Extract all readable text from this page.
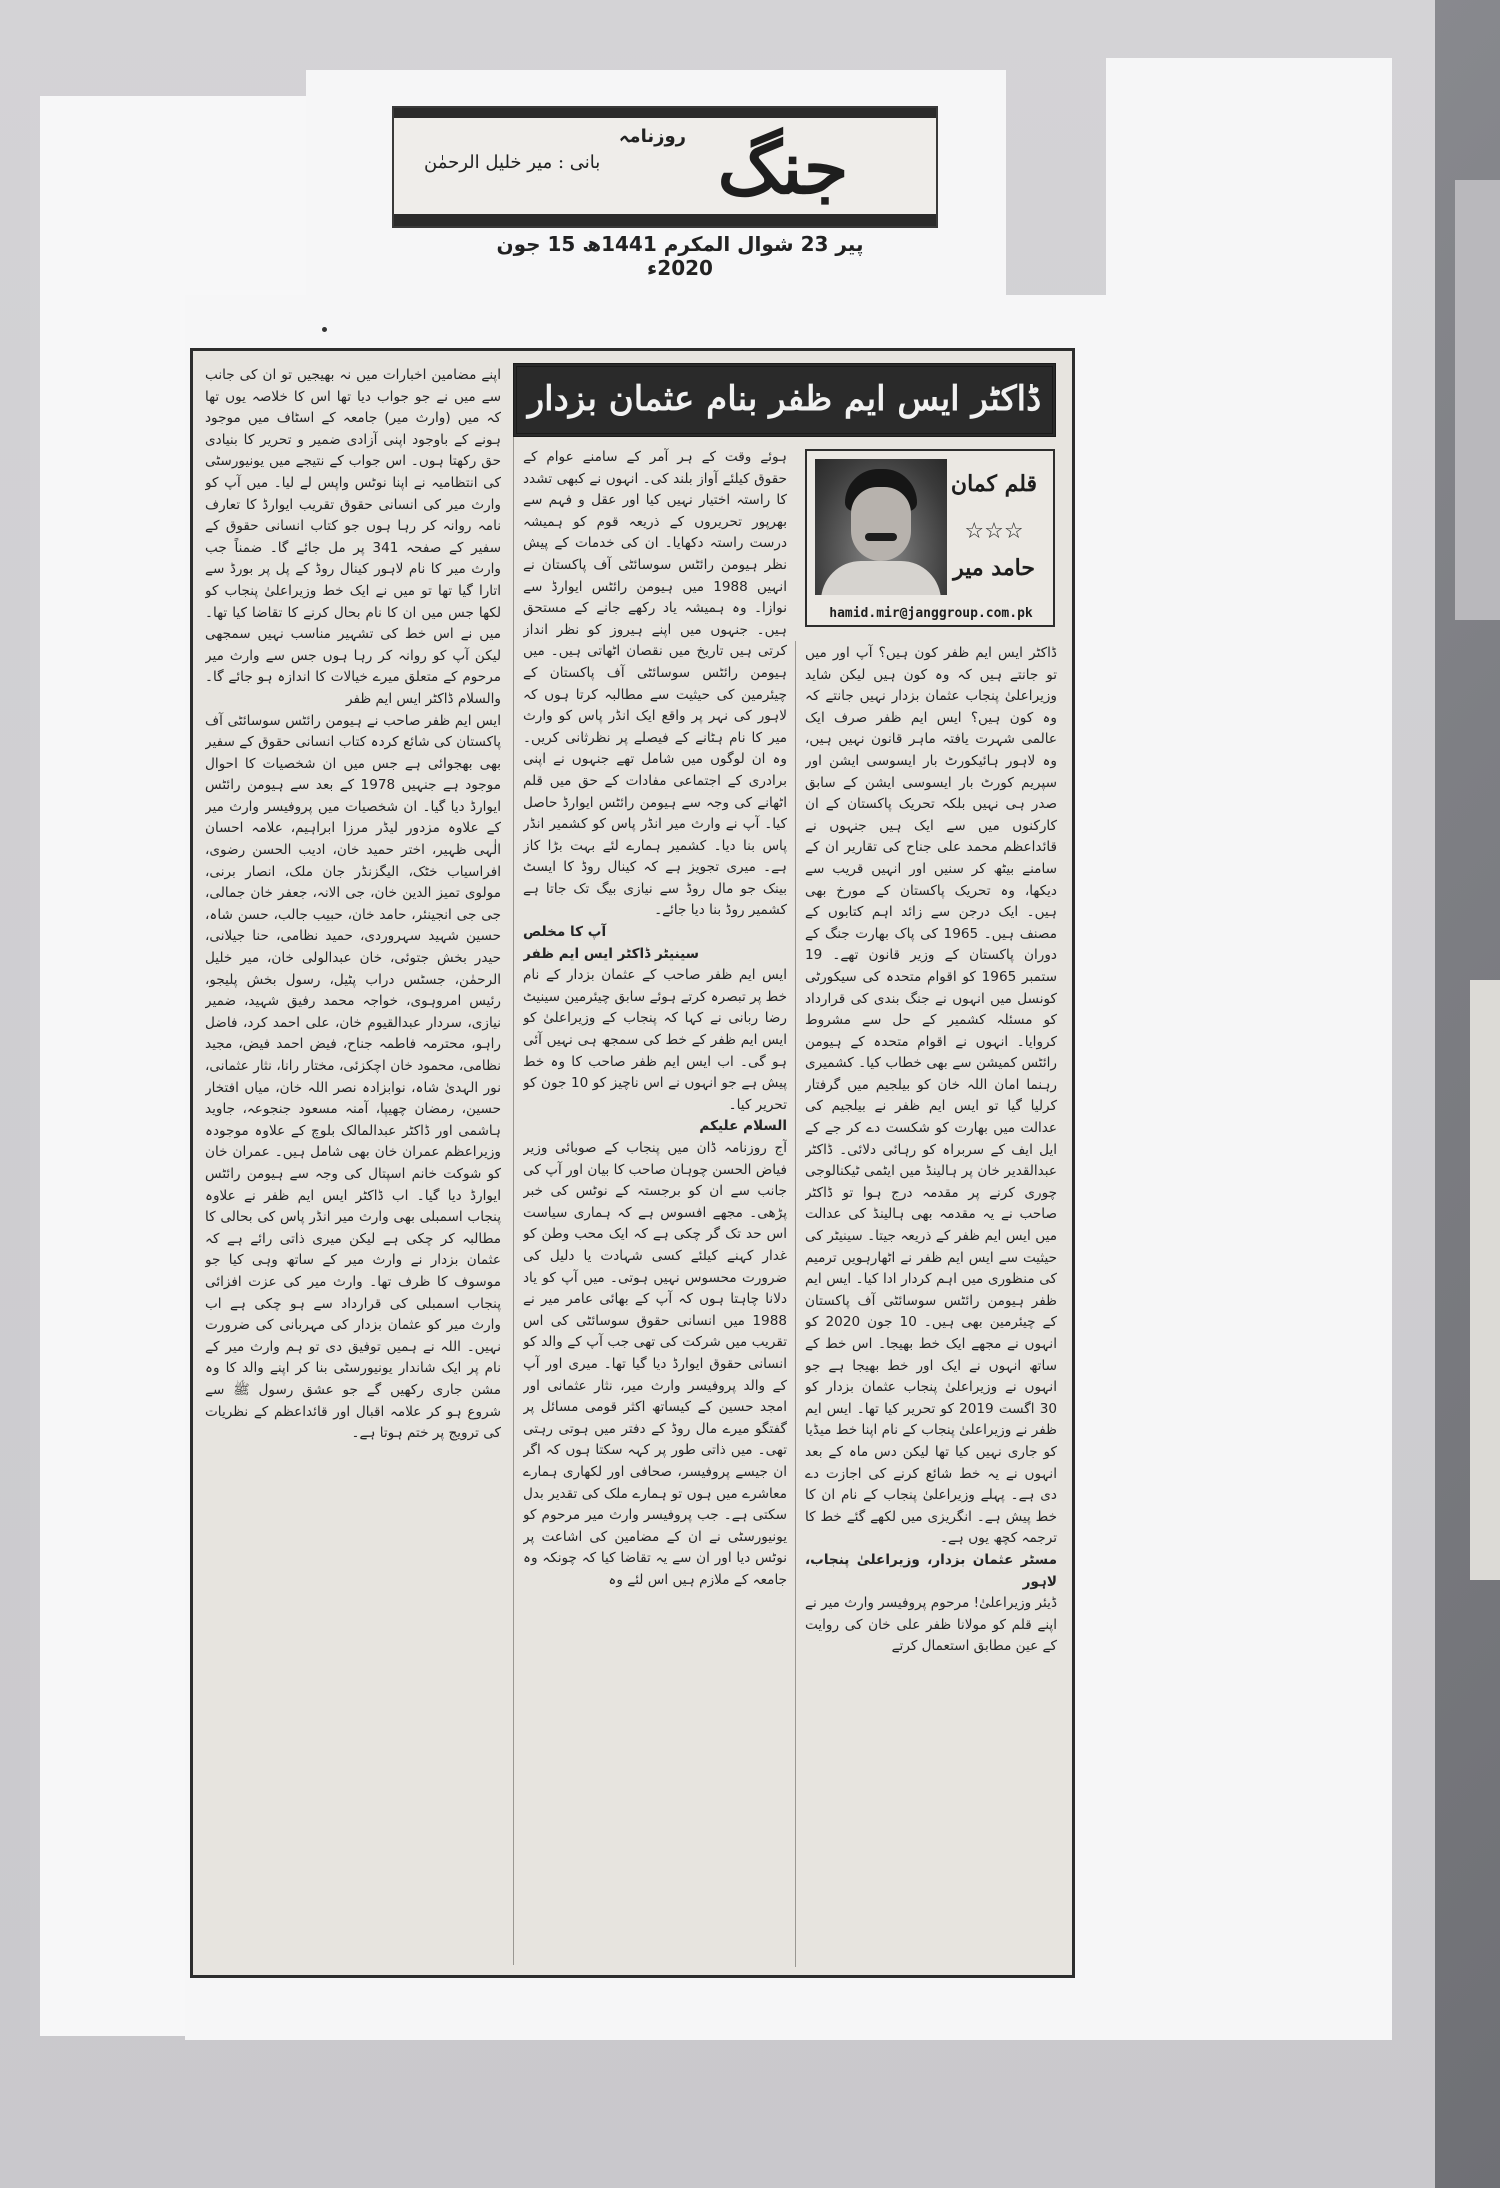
روزنامہ جنگ
بانی : میر خلیل الرحمٰن
پیر 23 شوال المکرم 1441ھ 15 جون 2020ء
ڈاکٹر ایس ایم ظفر بنام عثمان بزدار
قلم کمان
☆☆☆
حامد میر
hamid.mir@janggroup.com.pk

ڈاکٹر ایس ایم ظفر کون ہیں؟ آپ اور میں تو جانتے ہیں کہ وہ کون ہیں لیکن شاید وزیراعلیٰ پنجاب عثمان بزدار نہیں جانتے کہ وہ کون ہیں؟ ایس ایم ظفر صرف ایک عالمی شہرت یافتہ ماہر قانون نہیں ہیں، وہ لاہور ہائیکورٹ بار ایسوسی ایشن اور سپریم کورٹ بار ایسوسی ایشن کے سابق صدر ہی نہیں بلکہ تحریک پاکستان کے ان کارکنوں میں سے ایک ہیں جنہوں نے قائداعظم محمد علی جناح کی تقاریر ان کے سامنے بیٹھ کر سنیں اور انہیں قریب سے دیکھا، وہ تحریک پاکستان کے مورخ بھی ہیں۔ ایک درجن سے زائد اہم کتابوں کے مصنف ہیں۔ 1965 کی پاک بھارت جنگ کے دوران پاکستان کے وزیر قانون تھے۔ 19 ستمبر 1965 کو اقوام متحدہ کی سیکورٹی کونسل میں انہوں نے جنگ بندی کی قرارداد کو مسئلہ کشمیر کے حل سے مشروط کروایا۔ انہوں نے اقوام متحدہ کے ہیومن رائٹس کمیشن سے بھی خطاب کیا۔ کشمیری رہنما امان اللہ خان کو بیلجیم میں گرفتار کرلیا گیا تو ایس ایم ظفر نے بیلجیم کی عدالت میں بھارت کو شکست دے کر جے کے ایل ایف کے سربراہ کو رہائی دلائی۔ ڈاکٹر عبدالقدیر خان پر ہالینڈ میں ایٹمی ٹیکنالوجی چوری کرنے پر مقدمہ درج ہوا تو ڈاکٹر صاحب نے یہ مقدمہ بھی ہالینڈ کی عدالت میں ایس ایم ظفر کے ذریعہ جیتا۔ سینیٹر کی حیثیت سے ایس ایم ظفر نے اٹھارہویں ترمیم کی منظوری میں اہم کردار ادا کیا۔ ایس ایم ظفر ہیومن رائٹس سوسائٹی آف پاکستان کے چیئرمین بھی ہیں۔ 10 جون 2020 کو انہوں نے مجھے ایک خط بھیجا۔ اس خط کے ساتھ انہوں نے ایک اور خط بھیجا ہے جو انہوں نے وزیراعلیٰ پنجاب عثمان بزدار کو 30 اگست 2019 کو تحریر کیا تھا۔ ایس ایم ظفر نے وزیراعلیٰ پنجاب کے نام اپنا خط میڈیا کو جاری نہیں کیا تھا لیکن دس ماہ کے بعد انہوں نے یہ خط شائع کرنے کی اجازت دے دی ہے۔ پہلے وزیراعلیٰ پنجاب کے نام ان کا خط پیش ہے۔ انگریزی میں لکھے گئے خط کا ترجمہ کچھ یوں ہے۔

مسٹر عثمان بزدار، وزیراعلیٰ پنجاب، لاہور

ڈیئر وزیراعلیٰ! مرحوم پروفیسر وارث میر نے اپنے قلم کو مولانا ظفر علی خان کی روایت کے عین مطابق استعمال کرتے

ہوئے وقت کے ہر آمر کے سامنے عوام کے حقوق کیلئے آواز بلند کی۔ انہوں نے کبھی تشدد کا راستہ اختیار نہیں کیا اور عقل و فہم سے بھرپور تحریروں کے ذریعہ قوم کو ہمیشہ درست راستہ دکھایا۔ ان کی خدمات کے پیش نظر ہیومن رائٹس سوسائٹی آف پاکستان نے انہیں 1988 میں ہیومن رائٹس ایوارڈ سے نوازا۔ وہ ہمیشہ یاد رکھے جانے کے مستحق ہیں۔ جنہوں میں اپنے ہیروز کو نظر انداز کرتی ہیں تاریخ میں نقصان اٹھاتی ہیں۔ میں ہیومن رائٹس سوسائٹی آف پاکستان کے چیئرمین کی حیثیت سے مطالبہ کرتا ہوں کہ لاہور کی نہر پر واقع ایک انڈر پاس کو وارث میر کا نام ہٹانے کے فیصلے پر نظرثانی کریں۔ وہ ان لوگوں میں شامل تھے جنہوں نے اپنی برادری کے اجتماعی مفادات کے حق میں قلم اٹھانے کی وجہ سے ہیومن رائٹس ایوارڈ حاصل کیا۔ آپ نے وارث میر انڈر پاس کو کشمیر انڈر پاس بنا دیا۔ کشمیر ہمارے لئے بہت بڑا کاز ہے۔ میری تجویز ہے کہ کینال روڈ کا ایسٹ بینک جو مال روڈ سے نیازی بیگ تک جاتا ہے کشمیر روڈ بنا دیا جائے۔

آپ کا مخلص

سینیٹر ڈاکٹر ایس ایم ظفر

ایس ایم ظفر صاحب کے عثمان بزدار کے نام خط پر تبصرہ کرتے ہوئے سابق چیئرمین سینیٹ رضا ربانی نے کہا کہ پنجاب کے وزیراعلیٰ کو ایس ایم ظفر کے خط کی سمجھ ہی نہیں آئی ہو گی۔ اب ایس ایم ظفر صاحب کا وہ خط پیش ہے جو انہوں نے اس ناچیز کو 10 جون کو تحریر کیا۔

السلام علیکم

آج روزنامہ ڈان میں پنجاب کے صوبائی وزیر فیاض الحسن چوہان صاحب کا بیان اور آپ کی جانب سے ان کو برجستہ کے نوٹس کی خبر پڑھی۔ مجھے افسوس ہے کہ ہماری سیاست اس حد تک گر چکی ہے کہ ایک محب وطن کو غدار کہنے کیلئے کسی شہادت یا دلیل کی ضرورت محسوس نہیں ہوتی۔ میں آپ کو یاد دلانا چاہتا ہوں کہ آپ کے بھائی عامر میر نے 1988 میں انسانی حقوق سوسائٹی کی اس تقریب میں شرکت کی تھی جب آپ کے والد کو انسانی حقوق ایوارڈ دیا گیا تھا۔ میری اور آپ کے والد پروفیسر وارث میر، نثار عثمانی اور امجد حسین کے کیساتھ اکثر قومی مسائل پر گفتگو میرے مال روڈ کے دفتر میں ہوتی رہتی تھی۔ میں ذاتی طور پر کہہ سکتا ہوں کہ اگر ان جیسے پروفیسر، صحافی اور لکھاری ہمارے معاشرے میں ہوں تو ہمارے ملک کی تقدیر بدل سکتی ہے۔ جب پروفیسر وارث میر مرحوم کو یونیورسٹی نے ان کے مضامین کی اشاعت پر نوٹس دیا اور ان سے یہ تقاضا کیا کہ چونکہ وہ جامعہ کے ملازم ہیں اس لئے وہ

اپنے مضامین اخبارات میں نہ بھیجیں تو ان کی جانب سے میں نے جو جواب دیا تھا اس کا خلاصہ یوں تھا کہ میں (وارث میر) جامعہ کے اسٹاف میں موجود ہونے کے باوجود اپنی آزادی ضمیر و تحریر کا بنیادی حق رکھتا ہوں۔ اس جواب کے نتیجے میں یونیورسٹی کی انتظامیہ نے اپنا نوٹس واپس لے لیا۔ میں آپ کو وارث میر کی انسانی حقوق تقریب ایوارڈ کا تعارف نامہ روانہ کر رہا ہوں جو کتاب انسانی حقوق کے سفیر کے صفحہ 341 پر مل جائے گا۔ ضمناً جب وارث میر کا نام لاہور کینال روڈ کے پل پر بورڈ سے اتارا گیا تھا تو میں نے ایک خط وزیراعلیٰ پنجاب کو لکھا جس میں ان کا نام بحال کرنے کا تقاضا کیا تھا۔ میں نے اس خط کی تشہیر مناسب نہیں سمجھی لیکن آپ کو روانہ کر رہا ہوں جس سے وارث میر مرحوم کے متعلق میرے خیالات کا اندازہ ہو جائے گا۔ والسلام ڈاکٹر ایس ایم ظفر

ایس ایم ظفر صاحب نے ہیومن رائٹس سوسائٹی آف پاکستان کی شائع کردہ کتاب انسانی حقوق کے سفیر بھی بھجوائی ہے جس میں ان شخصیات کا احوال موجود ہے جنہیں 1978 کے بعد سے ہیومن رائٹس ایوارڈ دیا گیا۔ ان شخصیات میں پروفیسر وارث میر کے علاوہ مزدور لیڈر مرزا ابراہیم، علامہ احسان الٰہی ظہیر، اختر حمید خان، ادیب الحسن رضوی، افراسیاب خٹک، الیگزنڈر جان ملک، انصار برنی، مولوی تمیز الدین خان، جی الانہ، جعفر خان جمالی، جی جی انجینئر، حامد خان، حبیب جالب، حسن شاہ، حسین شہید سہروردی، حمید نظامی، حنا جیلانی، حیدر بخش جتوئی، خان عبدالولی خان، میر خلیل الرحمٰن، جسٹس دراب پٹیل، رسول بخش پلیجو، رئیس امروہوی، خواجہ محمد رفیق شہید، ضمیر نیازی، سردار عبدالقیوم خان، علی احمد کرد، فاضل راہو، محترمہ فاطمہ جناح، فیض احمد فیض، مجید نظامی، محمود خان اچکزئی، مختار رانا، نثار عثمانی، نور الہدیٰ شاہ، نوابزادہ نصر اللہ خان، میاں افتخار حسین، رمضان چھیپا، آمنہ مسعود جنجوعہ، جاوید ہاشمی اور ڈاکٹر عبدالمالک بلوچ کے علاوہ موجودہ وزیراعظم عمران خان بھی شامل ہیں۔ عمران خان کو شوکت خانم اسپتال کی وجہ سے ہیومن رائٹس ایوارڈ دیا گیا۔ اب ڈاکٹر ایس ایم ظفر نے علاوہ پنجاب اسمبلی بھی وارث میر انڈر پاس کی بحالی کا مطالبہ کر چکی ہے لیکن میری ذاتی رائے ہے کہ عثمان بزدار نے وارث میر کے ساتھ وہی کیا جو موسوف کا ظرف تھا۔ وارث میر کی عزت افزائی پنجاب اسمبلی کی قرارداد سے ہو چکی ہے اب وارث میر کو عثمان بزدار کی مہربانی کی ضرورت نہیں۔ اللہ نے ہمیں توفیق دی تو ہم وارث میر کے نام پر ایک شاندار یونیورسٹی بنا کر اپنے والد کا وہ مشن جاری رکھیں گے جو عشق رسول ﷺ سے شروع ہو کر علامہ اقبال اور قائداعظم کے نظریات کی ترویج پر ختم ہوتا ہے۔
